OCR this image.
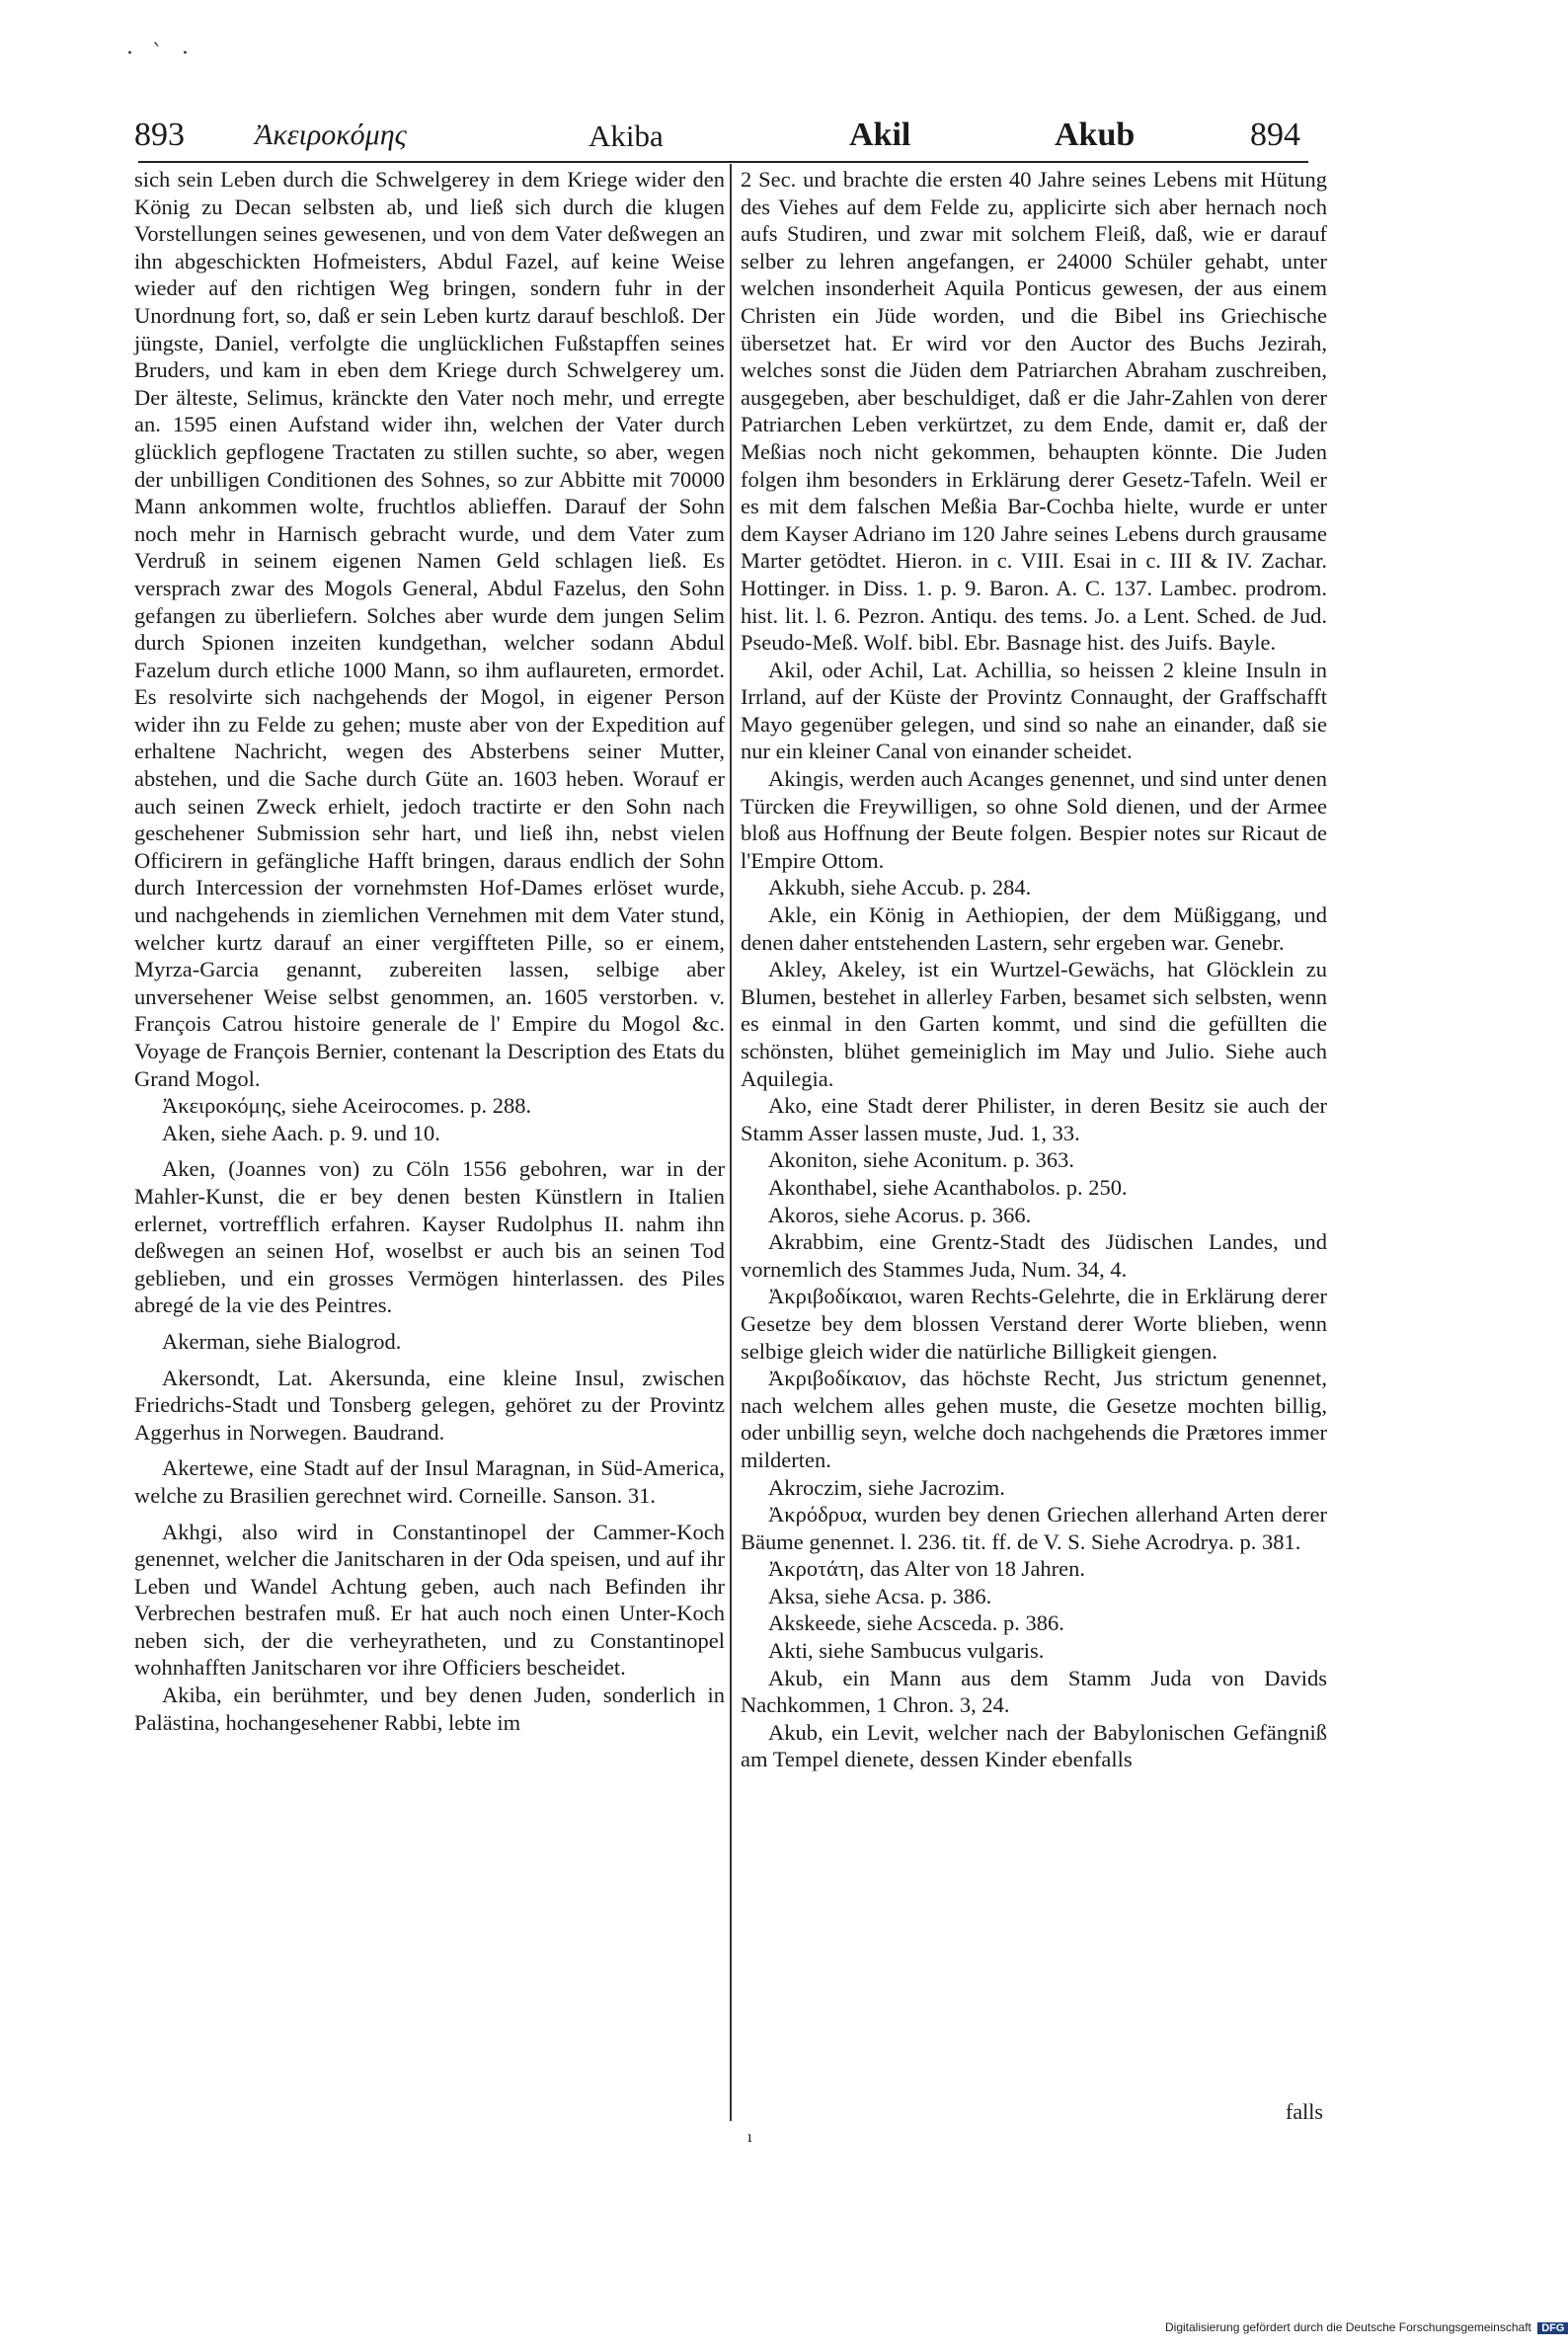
· ˋ ·
893 Ἀκειροκόμης	Akiba	Akil	Akub	894

sich sein Leben durch die Schwelgerey in dem Kriege wider den König zu Decan selbsten ab, und ließ sich durch die klugen Vorstellungen seines gewesenen, und von dem Vater deßwegen an ihn abgeschickten Hofmeisters, Abdul Fazel, auf keine Weise wieder auf den richtigen Weg bringen, sondern fuhr in der Unordnung fort, so, daß er sein Leben kurtz darauf beschloß. Der jüngste, Daniel, verfolgte die unglücklichen Fußstapffen seines Bruders, und kam in eben dem Kriege durch Schwelgerey um. Der älteste, Selimus, kränckte den Vater noch mehr, und erregte an. 1595 einen Aufstand wider ihn, welchen der Vater durch glücklich gepflogene Tractaten zu stillen suchte, so aber, wegen der unbilligen Conditionen des Sohnes, so zur Abbitte mit 70000 Mann ankommen wolte, fruchtlos ablieffen. Darauf der Sohn noch mehr in Harnisch gebracht wurde, und dem Vater zum Verdruß in seinem eigenen Namen Geld schlagen ließ. Es versprach zwar des Mogols General, Abdul Fazelus, den Sohn gefangen zu überliefern. Solches aber wurde dem jungen Selim durch Spionen inzeiten kundgethan, welcher sodann Abdul Fazelum durch etliche 1000 Mann, so ihm auflaureten, ermordet. Es resolvirte sich nachgehends der Mogol, in eigener Person wider ihn zu Felde zu gehen; muste aber von der Expedition auf erhaltene Nachricht, wegen des Absterbens seiner Mutter, abstehen, und die Sache durch Güte an. 1603 heben. Worauf er auch seinen Zweck erhielt, jedoch tractirte er den Sohn nach geschehener Submission sehr hart, und ließ ihn, nebst vielen Officirern in gefängliche Hafft bringen, daraus endlich der Sohn durch Intercession der vornehmsten Hof-Dames erlöset wurde, und nachgehends in ziemlichen Vernehmen mit dem Vater stund, welcher kurtz darauf an einer vergiffteten Pille, so er einem, Myrza-Garcia genannt, zubereiten lassen, selbige aber unversehener Weise selbst genommen, an. 1605 verstorben. v. François Catrou histoire generale de l' Empire du Mogol &c. Voyage de François Bernier, contenant la Description des Etats du Grand Mogol.

Ἀκειροκόμης, siehe Aceirocomes. p. 288.

Aken, siehe Aach. p. 9. und 10.

Aken, (Joannes von) zu Cöln 1556 gebohren, war in der Mahler-Kunst, die er bey denen besten Künstlern in Italien erlernet, vortrefflich erfahren. Kayser Rudolphus II. nahm ihn deßwegen an seinen Hof, woselbst er auch bis an seinen Tod geblieben, und ein grosses Vermögen hinterlassen. des Piles abregé de la vie des Peintres.

Akerman, siehe Bialogrod.

Akersondt, Lat. Akersunda, eine kleine Insul, zwischen Friedrichs-Stadt und Tonsberg gelegen, gehöret zu der Provintz Aggerhus in Norwegen. Baudrand.

Akertewe, eine Stadt auf der Insul Maragnan, in Süd-America, welche zu Brasilien gerechnet wird. Corneille. Sanson. 31.

Akhgi, also wird in Constantinopel der Cammer-Koch genennet, welcher die Janitscharen in der Oda speisen, und auf ihr Leben und Wandel Achtung geben, auch nach Befinden ihr Verbrechen bestrafen muß. Er hat auch noch einen Unter-Koch neben sich, der die verheyratheten, und zu Constantinopel wohnhafften Janitscharen vor ihre Officiers bescheidet.

Akiba, ein berühmter, und bey denen Juden, sonderlich in Palästina, hochangesehener Rabbi, lebte im

2 Sec. und brachte die ersten 40 Jahre seines Lebens mit Hütung des Viehes auf dem Felde zu, applicirte sich aber hernach noch aufs Studiren, und zwar mit solchem Fleiß, daß, wie er darauf selber zu lehren angefangen, er 24000 Schüler gehabt, unter welchen insonderheit Aquila Ponticus gewesen, der aus einem Christen ein Jüde worden, und die Bibel ins Griechische übersetzet hat. Er wird vor den Auctor des Buchs Jezirah, welches sonst die Jüden dem Patriarchen Abraham zuschreiben, ausgegeben, aber beschuldiget, daß er die Jahr-Zahlen von derer Patriarchen Leben verkürtzet, zu dem Ende, damit er, daß der Meßias noch nicht gekommen, behaupten könnte. Die Juden folgen ihm besonders in Erklärung derer Gesetz-Tafeln. Weil er es mit dem falschen Meßia Bar-Cochba hielte, wurde er unter dem Kayser Adriano im 120 Jahre seines Lebens durch grausame Marter getödtet. Hieron. in c. VIII. Esai in c. III & IV. Zachar. Hottinger. in Diss. 1. p. 9. Baron. A. C. 137. Lambec. prodrom. hist. lit. l. 6. Pezron. Antiqu. des tems. Jo. a Lent. Sched. de Jud. Pseudo-Meß. Wolf. bibl. Ebr. Basnage hist. des Juifs. Bayle.

Akil, oder Achil, Lat. Achillia, so heissen 2 kleine Insuln in Irrland, auf der Küste der Provintz Connaught, der Graffschafft Mayo gegenüber gelegen, und sind so nahe an einander, daß sie nur ein kleiner Canal von einander scheidet.

Akingis, werden auch Acanges genennet, und sind unter denen Türcken die Freywilligen, so ohne Sold dienen, und der Armee bloß aus Hoffnung der Beute folgen. Bespier notes sur Ricaut de l'Empire Ottom.

Akkubh, siehe Accub. p. 284.

Akle, ein König in Aethiopien, der dem Müßiggang, und denen daher entstehenden Lastern, sehr ergeben war. Genebr.

Akley, Akeley, ist ein Wurtzel-Gewächs, hat Glöcklein zu Blumen, bestehet in allerley Farben, besamet sich selbsten, wenn es einmal in den Garten kommt, und sind die gefüllten die schönsten, blühet gemeiniglich im May und Julio. Siehe auch Aquilegia.

Ako, eine Stadt derer Philister, in deren Besitz sie auch der Stamm Asser lassen muste, Jud. 1, 33.

Akoniton, siehe Aconitum. p. 363.

Akonthabel, siehe Acanthabolos. p. 250.

Akoros, siehe Acorus. p. 366.

Akrabbim, eine Grentz-Stadt des Jüdischen Landes, und vornemlich des Stammes Juda, Num. 34, 4.

Ἀκριβοδίκαιοι, waren Rechts-Gelehrte, die in Erklärung derer Gesetze bey dem blossen Verstand derer Worte blieben, wenn selbige gleich wider die natürliche Billigkeit giengen.

Ἀκριβοδίκαιον, das höchste Recht, Jus strictum genennet, nach welchem alles gehen muste, die Gesetze mochten billig, oder unbillig seyn, welche doch nachgehends die Prætores immer milderten.

Akroczim, siehe Jacrozim.

Ἀκρόδρυα, wurden bey denen Griechen allerhand Arten derer Bäume genennet. l. 236. tit. ff. de V. S. Siehe Acrodrya. p. 381.

Ἀκροτάτη, das Alter von 18 Jahren.

Aksa, siehe Acsa. p. 386.

Akskeede, siehe Acsceda. p. 386.

Akti, siehe Sambucus vulgaris.

Akub, ein Mann aus dem Stamm Juda von Davids Nachkommen, 1 Chron. 3, 24.

Akub, ein Levit, welcher nach der Babylonischen Gefängniß am Tempel dienete, dessen Kinder ebenfalls

ı
falls
Digitalisierung gefördert durch die Deutsche Forschungsgemeinschaft DFG
